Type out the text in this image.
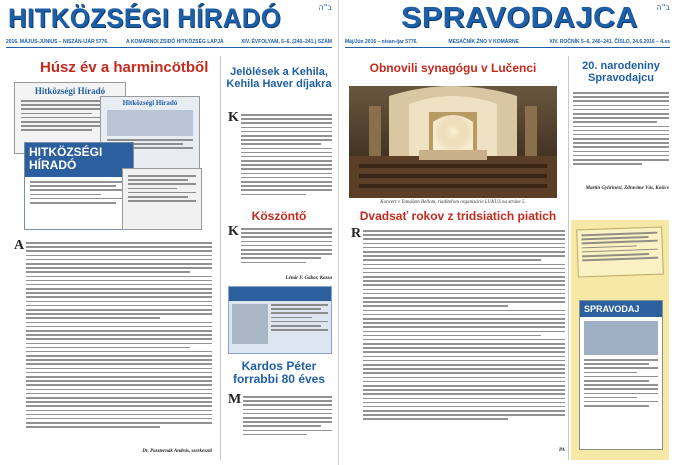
HITKÖZSÉGI HÍRADÓ	ב"ה
2016. MÁJUS-JÚNIUS – NISZÁN-IJÁR 5776.	A KOMÁRNOI ZSIDÓ HITKÖZSÉG LAPJA	XIV. ÉVFOLYAM, 5–6. (240–241.) SZÁM
Húsz év a harmincötből
Hitközségi Híradó
Hitközségi Híradó
HITKÖZSÉGI
HÍRADÓ
A
Dr. Paszternák András, szerkesztő
Jelölések a Kehila, Kehila Haver díjakra
K
Köszöntő
K
Lénár F. Gábor, Kassa
Kardos Péter forrabbi 80 éves
M
SPRAVODAJCA ב"ה
Máj/Jún 2016 – nisan-ijar 5776.	MESAČNÍK ŽNO V KOMÁRNE	XIV. ROČNÍK 5–6, 240–241. ČÍSLO, 24.6.2016 – 4.ss
Obnovili synagógu v Lučenci
Koncert v Tomášem Bellom, riaditeľom organizácie LUKUS na stráne 5.
Dvadsať rokov z tridsiatich piatich
R
PA
20. narodeniny Spravodajcu
Martin Gyňrinesi, Zdravíme Vás, Košice
SPRAVODAJ
